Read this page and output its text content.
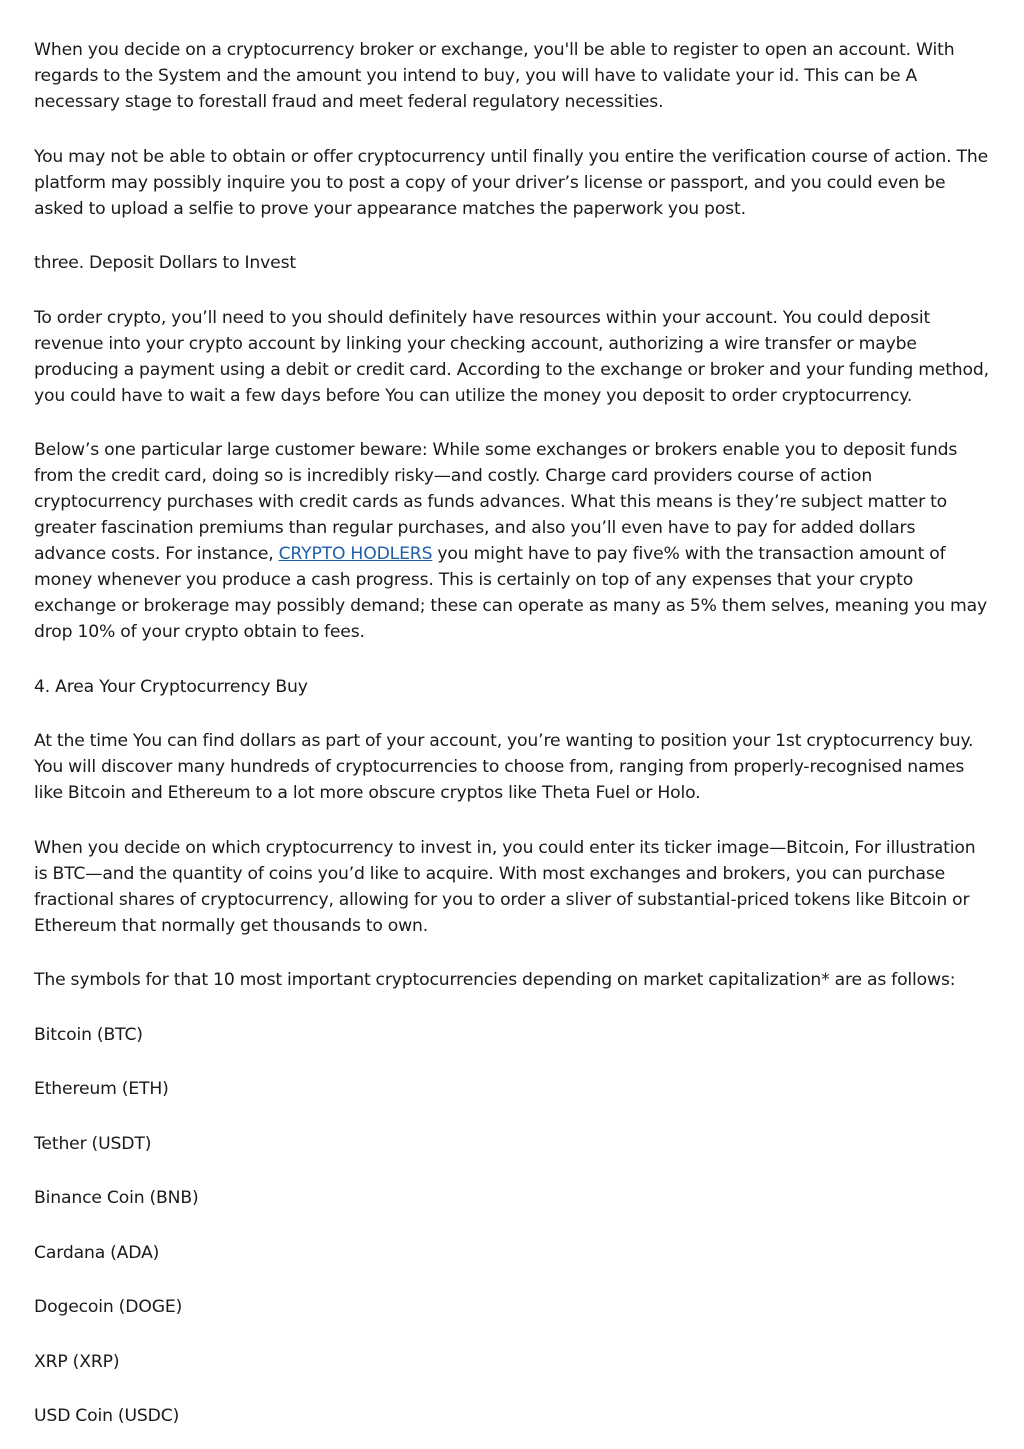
When you decide on a cryptocurrency broker or exchange, you'll be able to register to open an account. With regards to the System and the amount you intend to buy, you will have to validate your id. This can be A necessary stage to forestall fraud and meet federal regulatory necessities.

You may not be able to obtain or offer cryptocurrency until finally you entire the verification course of action. The platform may possibly inquire you to post a copy of your driver’s license or passport, and you could even be asked to upload a selfie to prove your appearance matches the paperwork you post.

three. Deposit Dollars to Invest

To order crypto, you’ll need to you should definitely have resources within your account. You could deposit revenue into your crypto account by linking your checking account, authorizing a wire transfer or maybe producing a payment using a debit or credit card. According to the exchange or broker and your funding method, you could have to wait a few days before You can utilize the money you deposit to order cryptocurrency.

Below’s one particular large customer beware: While some exchanges or brokers enable you to deposit funds from the credit card, doing so is incredibly risky—and costly. Charge card providers course of action cryptocurrency purchases with credit cards as funds advances. What this means is they’re subject matter to greater fascination premiums than regular purchases, and also you’ll even have to pay for added dollars advance costs. For instance, CRYPTO HODLERS you might have to pay five% with the transaction amount of money whenever you produce a cash progress. This is certainly on top of any expenses that your crypto exchange or brokerage may possibly demand; these can operate as many as 5% them selves, meaning you may drop 10% of your crypto obtain to fees.

4. Area Your Cryptocurrency Buy

At the time You can find dollars as part of your account, you’re wanting to position your 1st cryptocurrency buy. You will discover many hundreds of cryptocurrencies to choose from, ranging from properly-recognised names like Bitcoin and Ethereum to a lot more obscure cryptos like Theta Fuel or Holo.

When you decide on which cryptocurrency to invest in, you could enter its ticker image—Bitcoin, For illustration is BTC—and the quantity of coins you’d like to acquire. With most exchanges and brokers, you can purchase fractional shares of cryptocurrency, allowing for you to order a sliver of substantial-priced tokens like Bitcoin or Ethereum that normally get thousands to own.

The symbols for that 10 most important cryptocurrencies depending on market capitalization* are as follows:

Bitcoin (BTC)

Ethereum (ETH)

Tether (USDT)

Binance Coin (BNB)

Cardana (ADA)

Dogecoin (DOGE)

XRP (XRP)

USD Coin (USDC)
